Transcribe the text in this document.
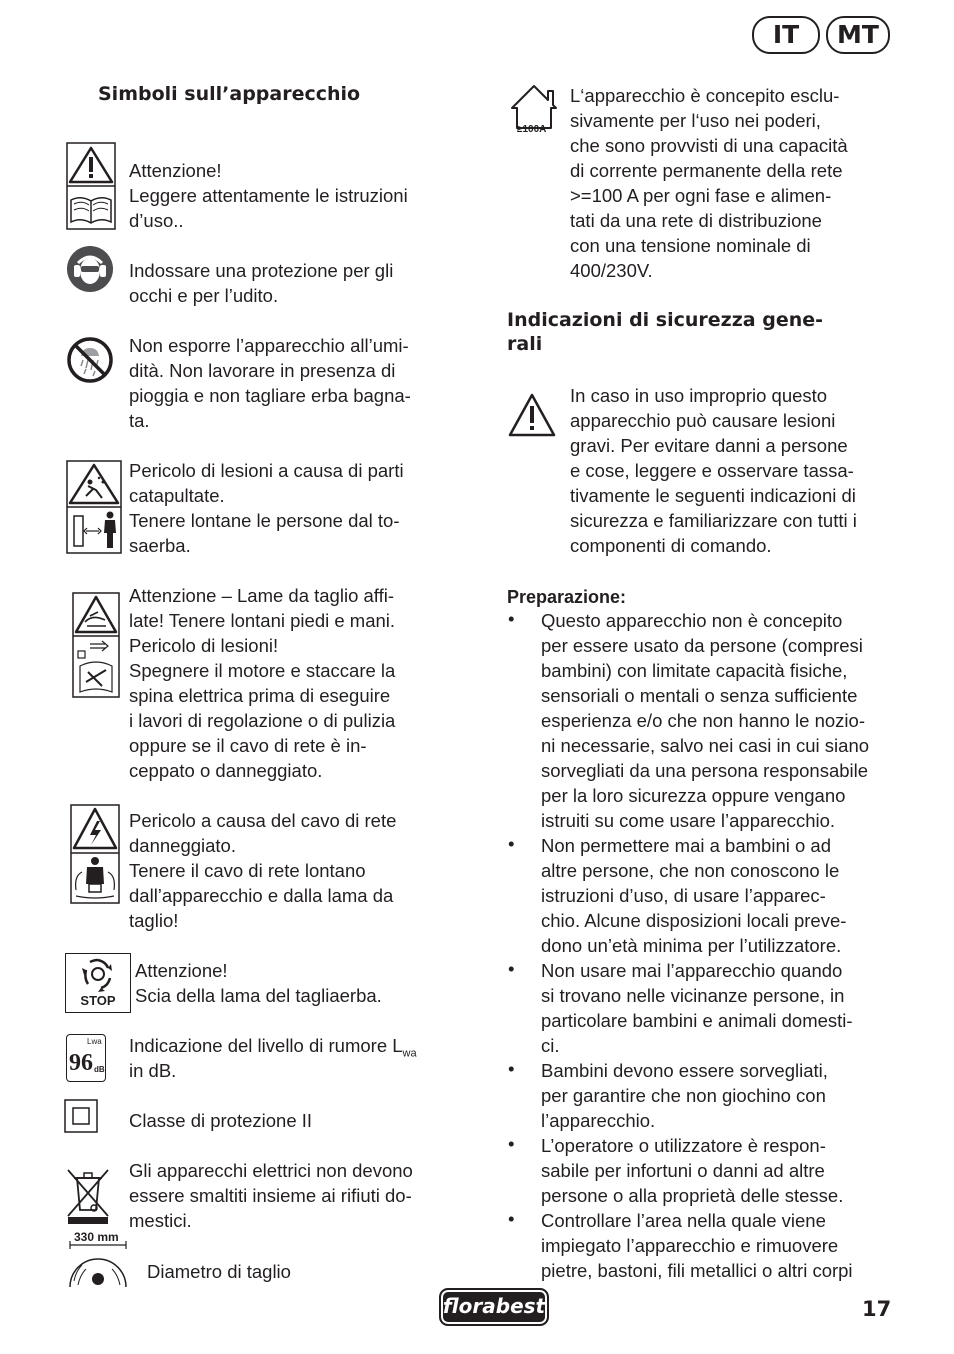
IT	MT
Simboli sull’apparecchio
Attenzione!
Leggere attentamente le istruzioni
d’uso..
Indossare una protezione per gli
occhi e per l’udito.
Non esporre l’apparecchio all’umi-
dità. Non lavorare in presenza di
pioggia e non tagliare erba bagna-
ta.
Pericolo di lesioni a causa di parti
catapultate.
Tenere lontane le persone dal to-
saerba.
Attenzione – Lame da taglio affi-
late! Tenere lontani piedi e mani.
Pericolo di lesioni!
Spegnere il motore e staccare la
spina elettrica prima di eseguire
i lavori di regolazione o di pulizia
oppure se il cavo di rete è in-
ceppato o danneggiato.
Pericolo a causa del cavo di rete
danneggiato.
Tenere il cavo di rete lontano
dall’apparecchio e dalla lama da
taglio!
STOP
Attenzione!
Scia della lama del tagliaerba.
Lwa
96 dB
Indicazione del livello di rumore $L_{wa}$
in dB.
Classe di protezione II
Gli apparecchi elettrici non devono
essere smaltiti insieme ai rifiuti do-
mestici.
330 mm
Diametro di taglio
≥100A
L‘apparecchio è concepito esclu-
sivamente per l‘uso nei poderi,
che sono provvisti di una capacità
di corrente permanente della rete
>=100 A per ogni fase e alimen-
tati da una rete di distribuzione
con una tensione nominale di
400/230V.
Indicazioni di sicurezza gene-
rali
In caso in uso improprio questo
apparecchio può causare lesioni
gravi. Per evitare danni a persone
e cose, leggere e osservare tassa-
tivamente le seguenti indicazioni di
sicurezza e familiarizzare con tutti i
componenti di comando.
Preparazione:
• Questo apparecchio non è concepito
per essere usato da persone (compresi
bambini) con limitate capacità fisiche,
sensoriali o mentali o senza sufficiente
esperienza e/o che non hanno le nozio-
ni necessarie, salvo nei casi in cui siano
sorvegliati da una persona responsabile
per la loro sicurezza oppure vengano
istruiti su come usare l’apparecchio.
• Non permettere mai a bambini o ad
altre persone, che non conoscono le
istruzioni d’uso, di usare l’apparec-
chio. Alcune disposizioni locali preve-
dono un’età minima per l’utilizzatore.
• Non usare mai l’apparecchio quando
si trovano nelle vicinanze persone, in
particolare bambini e animali domesti-
ci.
• Bambini devono essere sorvegliati,
per garantire che non giochino con
l’apparecchio.
• L’operatore o utilizzatore è respon-
sabile per infortuni o danni ad altre
persone o alla proprietà delle stesse.
• Controllare l’area nella quale viene
impiegato l’apparecchio e rimuovere
pietre, bastoni, fili metallici o altri corpi
florabest	17
